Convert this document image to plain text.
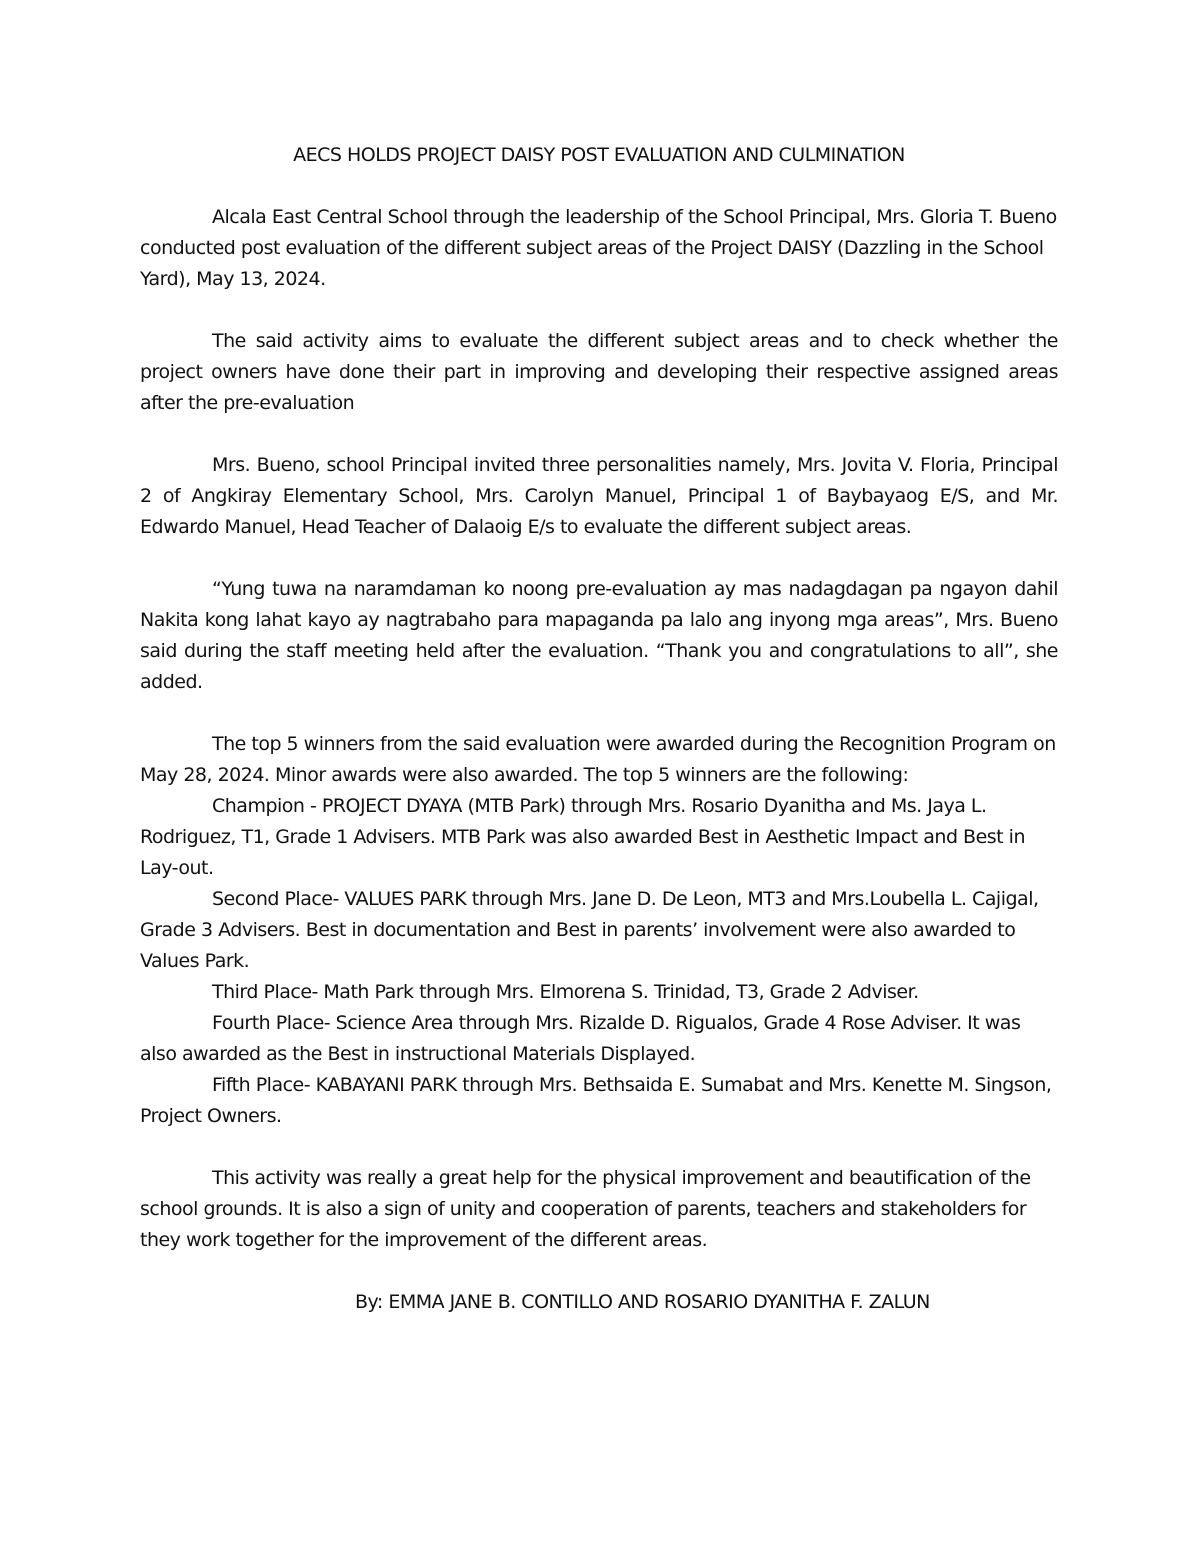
AECS HOLDS PROJECT DAISY POST EVALUATION AND CULMINATION

Alcala East Central School through the leadership of the School Principal, Mrs. Gloria T. Bueno conducted post evaluation of the different subject areas of the Project DAISY (Dazzling in the School Yard), May 13, 2024.

The said activity aims to evaluate the different subject areas and to check whether the project owners have done their part in improving and developing their respective assigned areas after the pre-evaluation

Mrs. Bueno, school Principal invited three personalities namely, Mrs. Jovita V. Floria, Principal 2 of Angkiray Elementary School, Mrs. Carolyn Manuel, Principal 1 of Baybayaog E/S, and Mr. Edwardo Manuel, Head Teacher of Dalaoig E/s to evaluate the different subject areas.

“Yung tuwa na naramdaman ko noong pre-evaluation ay mas nadagdagan pa ngayon dahil Nakita kong lahat kayo ay nagtrabaho para mapaganda pa lalo ang inyong mga areas”, Mrs. Bueno said during the staff meeting held after the evaluation. “Thank you and congratulations to all”, she added.

The top 5 winners from the said evaluation were awarded during the Recognition Program on May 28, 2024. Minor awards were also awarded. The top 5 winners are the following:
Champion - PROJECT DYAYA (MTB Park) through Mrs. Rosario Dyanitha and Ms. Jaya L. Rodriguez, T1, Grade 1 Advisers. MTB Park was also awarded Best in Aesthetic Impact and Best in Lay-out.
Second Place- VALUES PARK through Mrs. Jane D. De Leon, MT3 and Mrs.Loubella L. Cajigal, Grade 3 Advisers. Best in documentation and Best in parents’ involvement were also awarded to Values Park.
Third Place- Math Park through Mrs. Elmorena S. Trinidad, T3, Grade 2 Adviser.
Fourth Place- Science Area through Mrs. Rizalde D. Rigualos, Grade 4 Rose Adviser. It was also awarded as the Best in instructional Materials Displayed.
Fifth Place- KABAYANI PARK through Mrs. Bethsaida E. Sumabat and Mrs. Kenette M. Singson, Project Owners.

This activity was really a great help for the physical improvement and beautification of the school grounds. It is also a sign of unity and cooperation of parents, teachers and stakeholders for they work together for the improvement of the different areas.

By: EMMA JANE B. CONTILLO AND ROSARIO DYANITHA F. ZALUN
